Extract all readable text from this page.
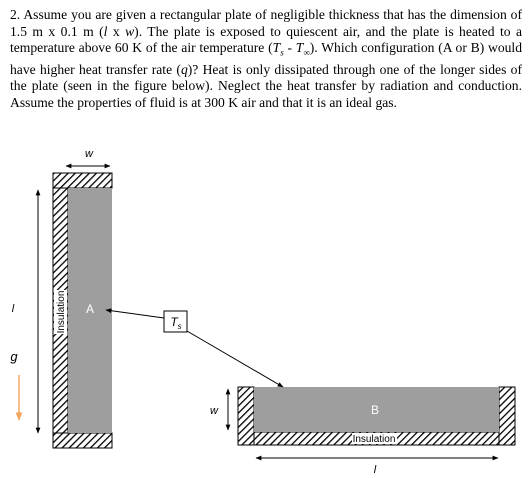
2. Assume you are given a rectangular plate of negligible thickness that has the dimension of 1.5 m x 0.1 m (l x w). The plate is exposed to quiescent air, and the plate is heated to a temperature above 60 K of the air temperature $(T_s - T_\infty)$. Which configuration (A or B) would have higher heat transfer rate (q)? Heat is only dissipated through one of the longer sides of the plate (seen in the figure below). Neglect the heat transfer by radiation and conduction. Assume the properties of fluid is at 300 K air and that it is an ideal gas.

Insulation A
Insulation
B
w
l
g
$T_s$
w
l
